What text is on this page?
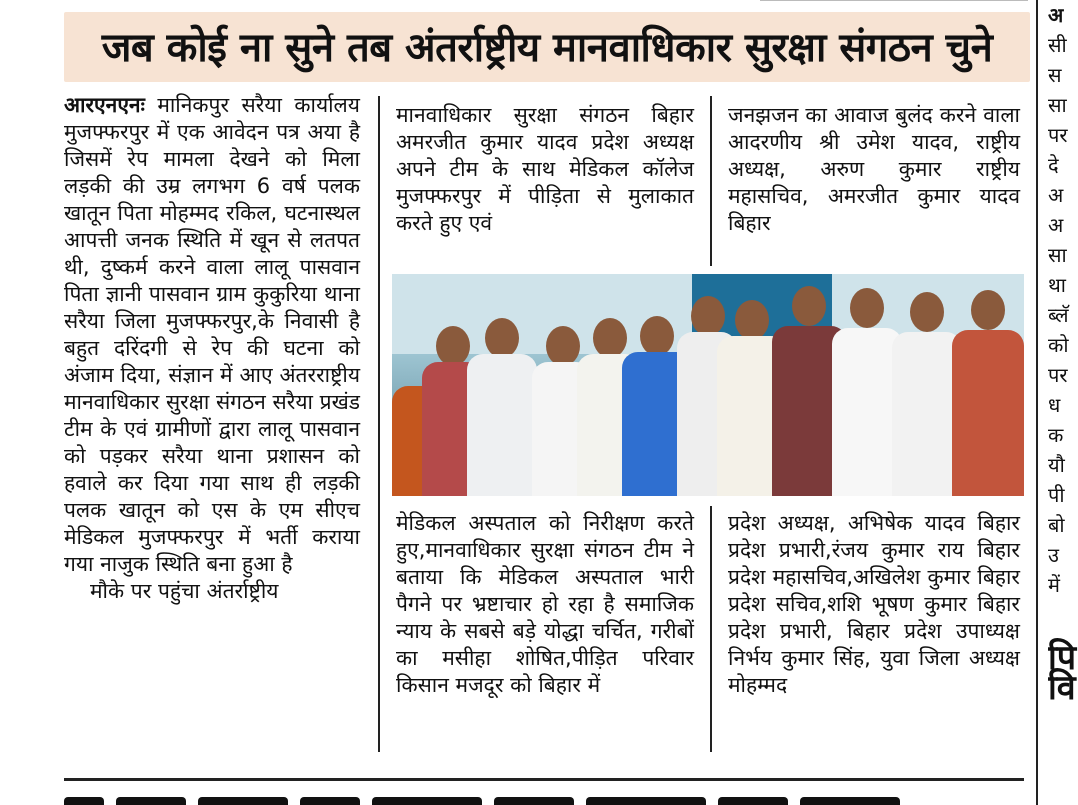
जब कोई ना सुने तब अंतर्राष्ट्रीय मानवाधिकार सुरक्षा संगठन चुने

आरएनएनः मानिकपुर सरैया कार्यालय मुजफ्फरपुर में एक आवेदन पत्र अया है जिसमें रेप मामला देखने को मिला लड़की की उम्र लगभग 6 वर्ष पलक खातून पिता मोहम्मद रकिल, घटनास्थल आपत्ती जनक स्थिति में खून से लतपत थी, दुष्कर्म करने वाला लालू पासवान पिता ज्ञानी पासवान ग्राम कुकुरिया थाना सरैया जिला मुजफ्फरपुर,के निवासी है बहुत दरिंदगी से रेप की घटना को अंजाम दिया, संज्ञान में आए अंतरराष्ट्रीय मानवाधिकार सुरक्षा संगठन सरैया प्रखंड टीम के एवं ग्रामीणों द्वारा लालू पासवान को पड़कर सरैया थाना प्रशासन को हवाले कर दिया गया साथ ही लड़की पलक खातून को एस के एम सीएच मेडिकल मुजफ्फरपुर में भर्ती कराया गया नाजुक स्थिति बना हुआ है

मौके पर पहुंचा अंतर्राष्ट्रीय

मानवाधिकार सुरक्षा संगठन बिहार अमरजीत कुमार यादव प्रदेश अध्यक्ष अपने टीम के साथ मेडिकल कॉलेज मुजफ्फरपुर में पीड़िता से मुलाकात करते हुए एवं
जनझजन का आवाज बुलंद करने वाला आदरणीय श्री उमेश यादव, राष्ट्रीय अध्यक्ष, अरुण कुमार राष्ट्रीय महासचिव, अमरजीत कुमार यादव बिहार
मेडिकल अस्पताल को निरीक्षण करते हुए,मानवाधिकार सुरक्षा संगठन टीम ने बताया कि मेडिकल अस्पताल भारी पैगने पर भ्रष्टाचार हो रहा है समाजिक न्याय के सबसे बड़े योद्धा चर्चित, गरीबों का मसीहा शोषित,पीड़ित परिवार किसान मजदूर को बिहार में
प्रदेश अध्यक्ष, अभिषेक यादव बिहार प्रदेश प्रभारी,रंजय कुमार राय बिहार प्रदेश महासचिव,अखिलेश कुमार बिहार प्रदेश सचिव,शशि भूषण कुमार बिहार प्रदेश प्रभारी, बिहार प्रदेश उपाध्यक्ष निर्भय कुमार सिंह, युवा जिला अध्यक्ष मोहम्मद
अ
सी
स
सा
पर
दे
अ
अ
सा
था
ब्लॅ
को
पर
ध
क
यौ
पी
बो
उ
में
पि
वि
